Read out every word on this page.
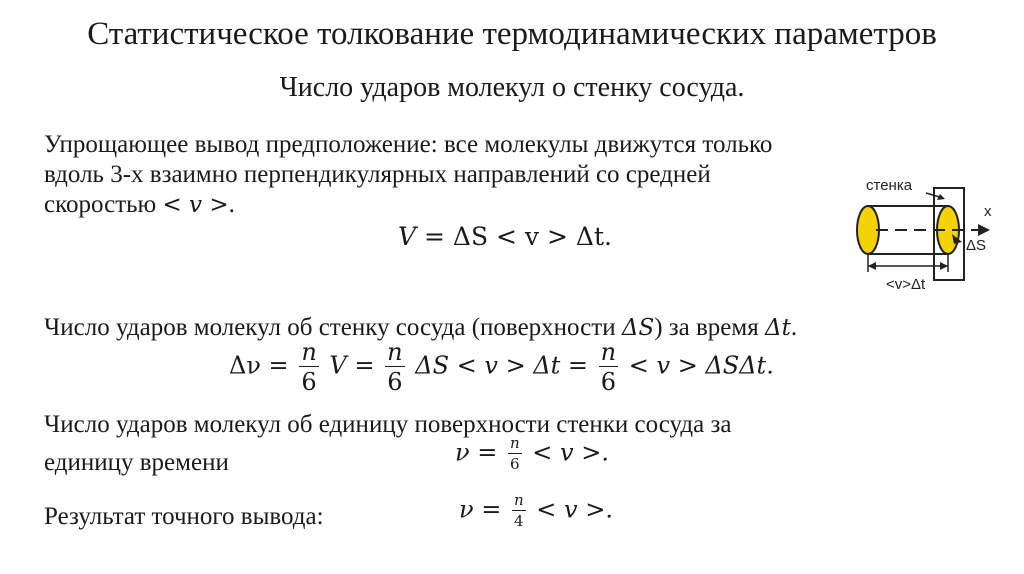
Статистическое толкование термодинамических параметров
Число ударов молекул о стенку сосуда.
Упрощающее вывод предположение: все молекулы движутся только
вдоль 3-х взаимно перпендикулярных направлений со средней
скоростью < v >.
V = ΔS < v > Δt.
стенка
x
ΔS
<v>Δt
Число ударов молекул об стенку сосуда (поверхности ΔS) за время Δt.
$\Delta\nu = \frac{n}{6}$ $V = \frac{n}{6}$ $\Delta S < v > \Delta t = \frac{n}{6} < v > \Delta S\Delta t$.
Число ударов молекул об единицу поверхности стенки сосуда за
единицу времени	$\nu = \frac{n}{6} < v$ >.
Результат точного вывода:	$\nu = \frac{n}{4} < v$ >.
